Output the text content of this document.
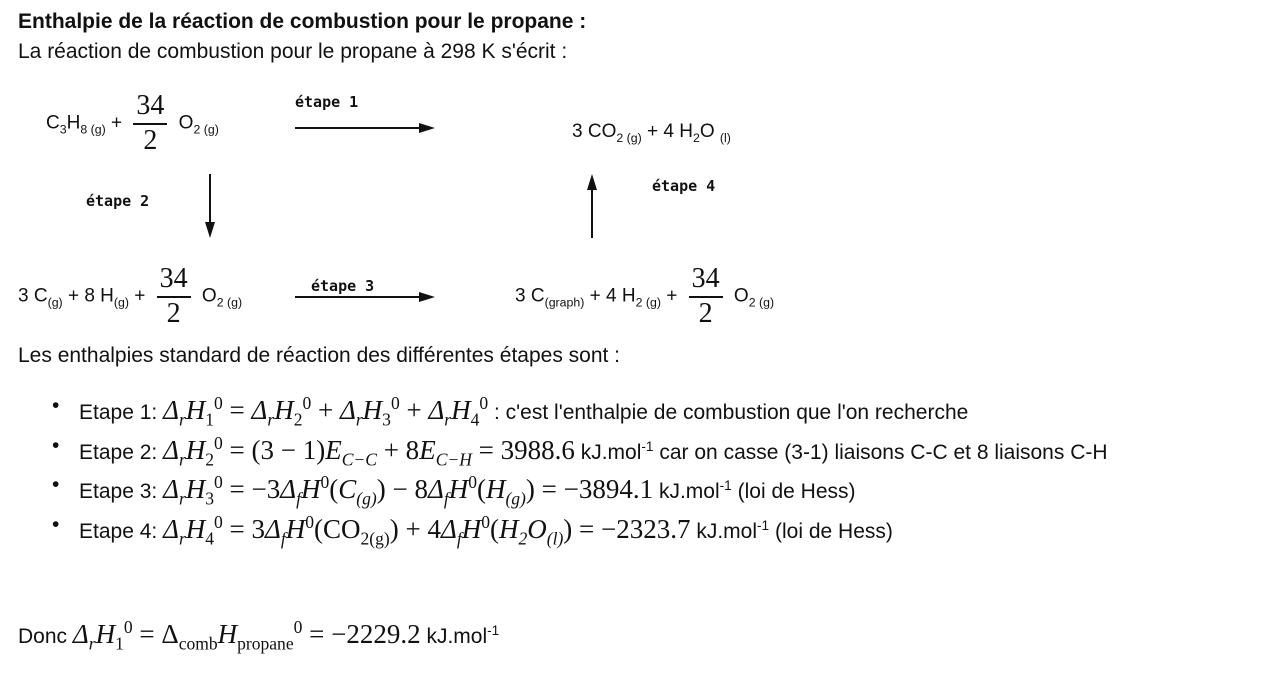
Enthalpie de la réaction de combustion pour le propane :
La réaction de combustion pour le propane à 298 K s'écrit :
$C_3H_{8 (g)} + \frac{34}{2} O_{2 (g)}$
étape 1
3 $CO_{2 (g)} + 4$ $H_2O$ $_{(l)}$
étape 2
étape 4
3 $C_{(g)} + 8$ $H_{(g)} + \frac{34}{2} O_{2 (g)}$
étape 3	3 $C_{(graph)} + 4$ $H_{2 (g)} + \frac{34}{2} O_{2 (g)}$
Les enthalpies standard de réaction des différentes étapes sont :
• Etape 1: $\Delta_rH_1^0 = \Delta_rH_2^0 + \Delta_rH_3^0 + \Delta_rH_4^0$ : c'est l'enthalpie de combustion que l'on recherche
• Etape 2: $\Delta_rH_2^0 = (3 - 1)E_{C-C} + 8E_{C-H} = 3988.6$ kJ.mol$^{-1}$ car on casse (3-1) liaisons C-C et 8 liaisons C-H
• Etape 3: $\Delta_rH_3^0 = -3\Delta_fH^0(C_{(g)}) - 8\Delta_fH^0(H_{(g)}) = -3894.1$ kJ.mol$^{-1}$ (loi de Hess)
• Etape 4: $\Delta_rH_4^0 = 3\Delta_fH^0(CO_{2(g)}) + 4\Delta_fH^0(H_2O_{(l)}) = -2323.7$ kJ.mol$^{-1}$ (loi de Hess)
Donc $\Delta_rH_1^0 = \Delta_{comb}H_{propane}^0 = -2229.2$ kJ.mol$^{-1}$
